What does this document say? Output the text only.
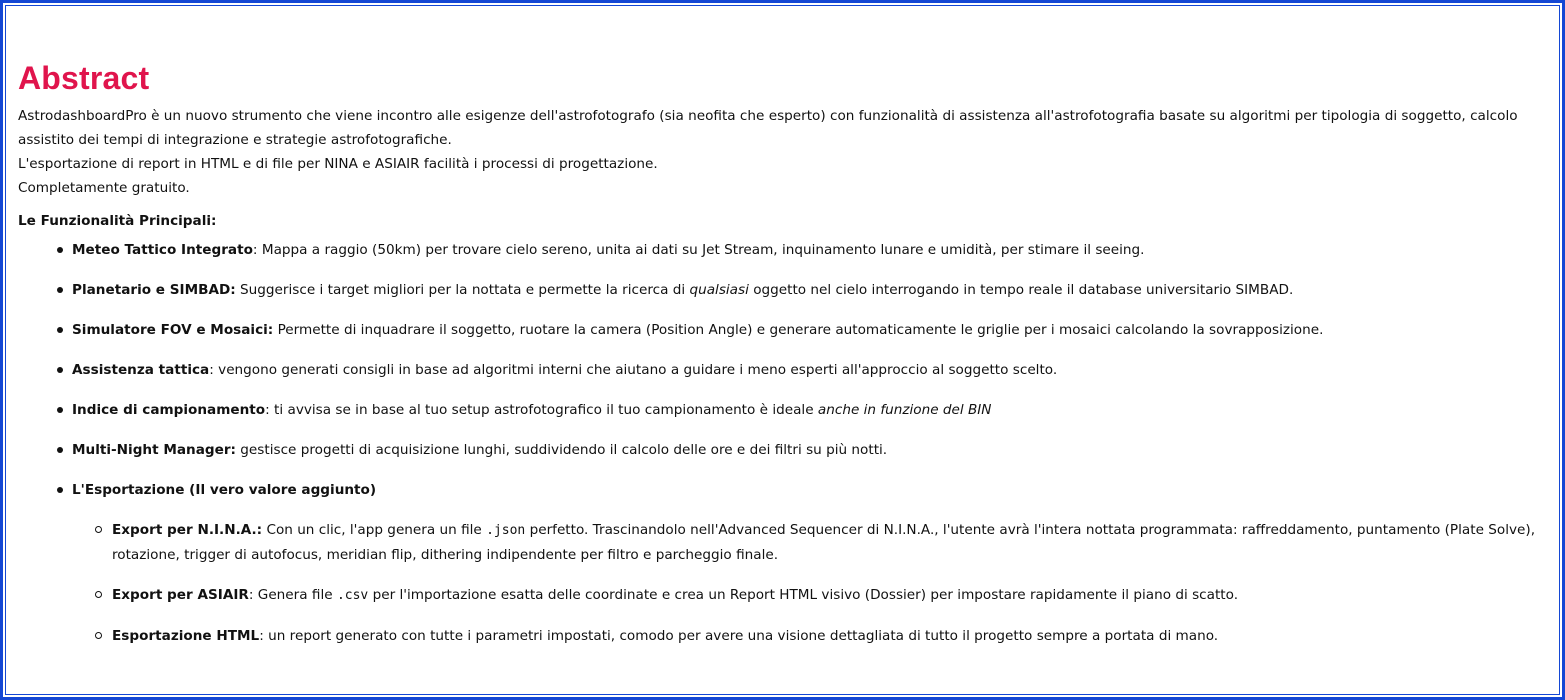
Abstract

AstrodashboardPro è un nuovo strumento che viene incontro alle esigenze dell'astrofotografo (sia neofita che esperto) con funzionalità di assistenza all'astrofotografia basate su algoritmi per tipologia di soggetto, calcolo assistito dei tempi di integrazione e strategie astrofotografiche.

L'esportazione di report in HTML e di file per NINA e ASIAIR facilità i processi di progettazione.

Completamente gratuito.

Le Funzionalità Principali:

Meteo Tattico Integrato: Mappa a raggio (50km) per trovare cielo sereno, unita ai dati su Jet Stream, inquinamento lunare e umidità, per stimare il seeing.
Planetario e SIMBAD: Suggerisce i target migliori per la nottata e permette la ricerca di qualsiasi oggetto nel cielo interrogando in tempo reale il database universitario SIMBAD.
Simulatore FOV e Mosaici: Permette di inquadrare il soggetto, ruotare la camera (Position Angle) e generare automaticamente le griglie per i mosaici calcolando la sovrapposizione.
Assistenza tattica: vengono generati consigli in base ad algoritmi interni che aiutano a guidare i meno esperti all'approccio al soggetto scelto.
Indice di campionamento: ti avvisa se in base al tuo setup astrofotografico il tuo campionamento è ideale anche in funzione del BIN
Multi-Night Manager: gestisce progetti di acquisizione lunghi, suddividendo il calcolo delle ore e dei filtri su più notti.
L'Esportazione (Il vero valore aggiunto)
Export per N.I.N.A.: Con un clic, l'app genera un file .json perfetto. Trascinandolo nell'Advanced Sequencer di N.I.N.A., l'utente avrà l'intera nottata programmata: raffreddamento, puntamento (Plate Solve), rotazione, trigger di autofocus, meridian flip, dithering indipendente per filtro e parcheggio finale.
Export per ASIAIR: Genera file .csv per l'importazione esatta delle coordinate e crea un Report HTML visivo (Dossier) per impostare rapidamente il piano di scatto.
Esportazione HTML: un report generato con tutte i parametri impostati, comodo per avere una visione dettagliata di tutto il progetto sempre a portata di mano.
